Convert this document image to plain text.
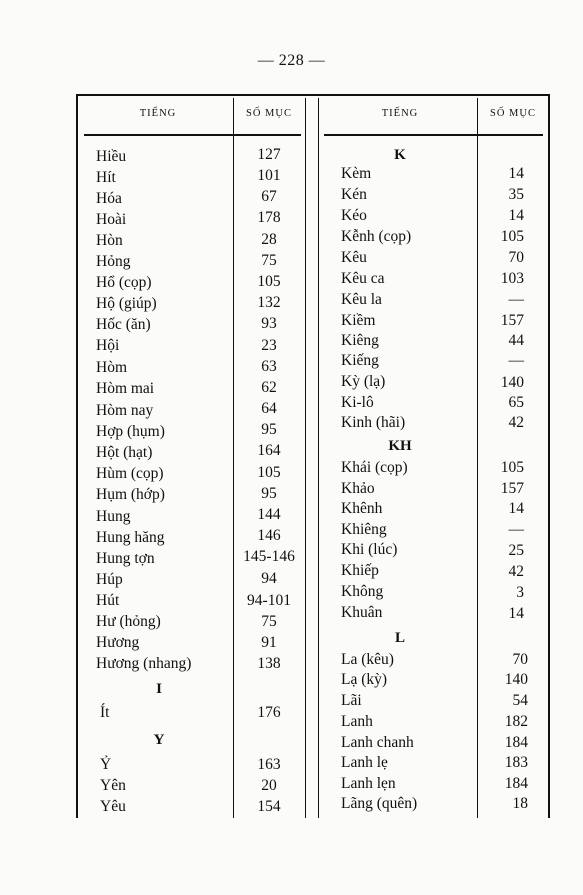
— 228 —
TIẾNG	SỐ MỤC	TIẾNG	SỐ MỤC
Hiều	127
Hít	101
Hóa	67
Hoài	178
Hòn	28
Hỏng	75
Hổ (cọp)	105
Hộ (giúp)	132
Hốc (ăn)	93
Hội	23
Hòm	63
Hòm mai	62
Hòm nay	64
Hợp (hụm)	95
Hột (hạt)	164
Hùm (cọp)	105
Hụm (hớp)	95
Hung	144
Hung hăng	146
Hung tợn	145-146
Húp	94
Hút	94-101
Hư (hỏng)	75
Hương	91
Hương (nhang)	138
I
Ít	176
Y
Ỷ	163
Yên	20
Yêu	154
K
Kèm	14
Kén	35
Kéo	14
Kễnh (cọp)	105
Kêu	70
Kêu ca	103
Kêu la	—
Kiềm	157
Kiêng	44
Kiếng	—
Kỳ (lạ)	140
Ki-lô	65
Kinh (hãi)	42
KH
Khái (cọp)	105
Khảo	157
Khênh	14
Khiêng	—
Khi (lúc)	25
Khiếp	42
Không	3
Khuân	14
L
La (kêu)	70
Lạ (kỳ)	140
Lãi	54
Lanh	182
Lanh chanh	184
Lanh lẹ	183
Lanh lẹn	184
Lãng (quên)	18
